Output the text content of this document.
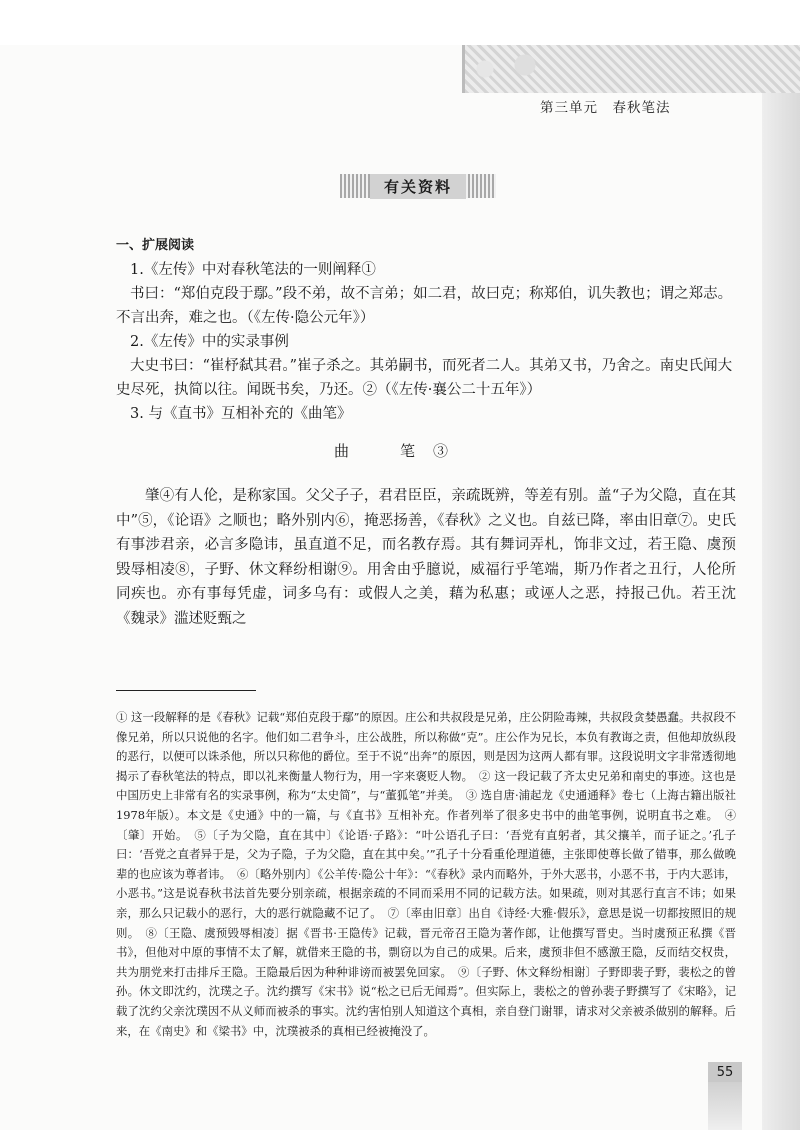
第三单元　春秋笔法
有关资料
一、扩展阅读
1.《左传》中对春秋笔法的一则阐释①
书曰：“郑伯克段于鄢。”段不弟，故不言弟；如二君，故曰克；称郑伯，讥失教也；谓之郑志。不言出奔，难之也。（《左传·隐公元年》）
2.《左传》中的实录事例
大史书曰：“崔杼弑其君。”崔子杀之。其弟嗣书，而死者二人。其弟又书，乃舍之。南史氏闻大史尽死，执简以往。闻既书矣，乃还。②（《左传·襄公二十五年》）
3. 与《直书》互相补充的《曲笔》
曲　笔③
肇④有人伦，是称家国。父父子子，君君臣臣，亲疏既辨，等差有别。盖“子为父隐，直在其中”⑤，《论语》之顺也；略外别内⑥，掩恶扬善，《春秋》之义也。自兹已降，率由旧章⑦。史氏有事涉君亲，必言多隐讳，虽直道不足，而名教存焉。其有舞词弄札，饰非文过，若王隐、虞预毁辱相凌⑧，子野、休文释纷相谢⑨。用舍由乎臆说，威福行乎笔端，斯乃作者之丑行，人伦所同疾也。亦有事每凭虚，词多乌有：或假人之美，藉为私惠；或诬人之恶，持报己仇。若王沈《魏录》滥述贬甄之
① 这一段解释的是《春秋》记载“郑伯克段于鄢”的原因。庄公和共叔段是兄弟，庄公阴险毒辣，共叔段贪婪愚蠢。共叔段不像兄弟，所以只说他的名字。他们如二君争斗，庄公战胜，所以称做“克”。庄公作为兄长，本负有教诲之责，但他却放纵段的恶行，以便可以诛杀他，所以只称他的爵位。至于不说“出奔”的原因，则是因为这两人都有罪。这段说明文字非常透彻地揭示了春秋笔法的特点，即以礼来衡量人物行为，用一字来褒贬人物。　② 这一段记载了齐太史兄弟和南史的事迹。这也是中国历史上非常有名的实录事例，称为“太史简”，与“董狐笔”并美。　③ 选自唐·浦起龙《史通通释》卷七（上海古籍出版社1978年版）。本文是《史通》中的一篇，与《直书》互相补充。作者列举了很多史书中的曲笔事例，说明直书之难。　④〔肇〕开始。　⑤〔子为父隐，直在其中〕《论语·子路》：“叶公语孔子曰：‘吾党有直躬者，其父攘羊，而子证之。’孔子曰：‘吾党之直者异于是，父为子隐，子为父隐，直在其中矣。’”孔子十分看重伦理道德，主张即使尊长做了错事，那么做晚辈的也应该为尊者讳。　⑥〔略外别内〕《公羊传·隐公十年》：“《春秋》录内而略外，于外大恶书，小恶不书，于内大恶讳，小恶书。”这是说春秋书法首先要分别亲疏，根据亲疏的不同而采用不同的记载方法。如果疏，则对其恶行直言不讳；如果亲，那么只记载小的恶行，大的恶行就隐藏不记了。　⑦〔率由旧章〕出自《诗经·大雅·假乐》，意思是说一切都按照旧的规则。　⑧〔王隐、虞预毁辱相凌〕据《晋书·王隐传》记载，晋元帝召王隐为著作郎，让他撰写晋史。当时虞预正私撰《晋书》，但他对中原的事情不太了解，就借来王隐的书，剽窃以为自己的成果。后来，虞预非但不感激王隐，反而结交权贵，共为朋党来打击排斥王隐。王隐最后因为种种诽谤而被罢免回家。　⑨〔子野、休文释纷相谢〕子野即裴子野，裴松之的曾孙。休文即沈约，沈璞之子。沈约撰写《宋书》说“松之已后无闻焉”。但实际上，裴松之的曾孙裴子野撰写了《宋略》，记载了沈约父亲沈璞因不从义师而被杀的事实。沈约害怕别人知道这个真相，亲自登门谢罪，请求对父亲被杀做别的解释。后来，在《南史》和《梁书》中，沈璞被杀的真相已经被掩没了。
55
